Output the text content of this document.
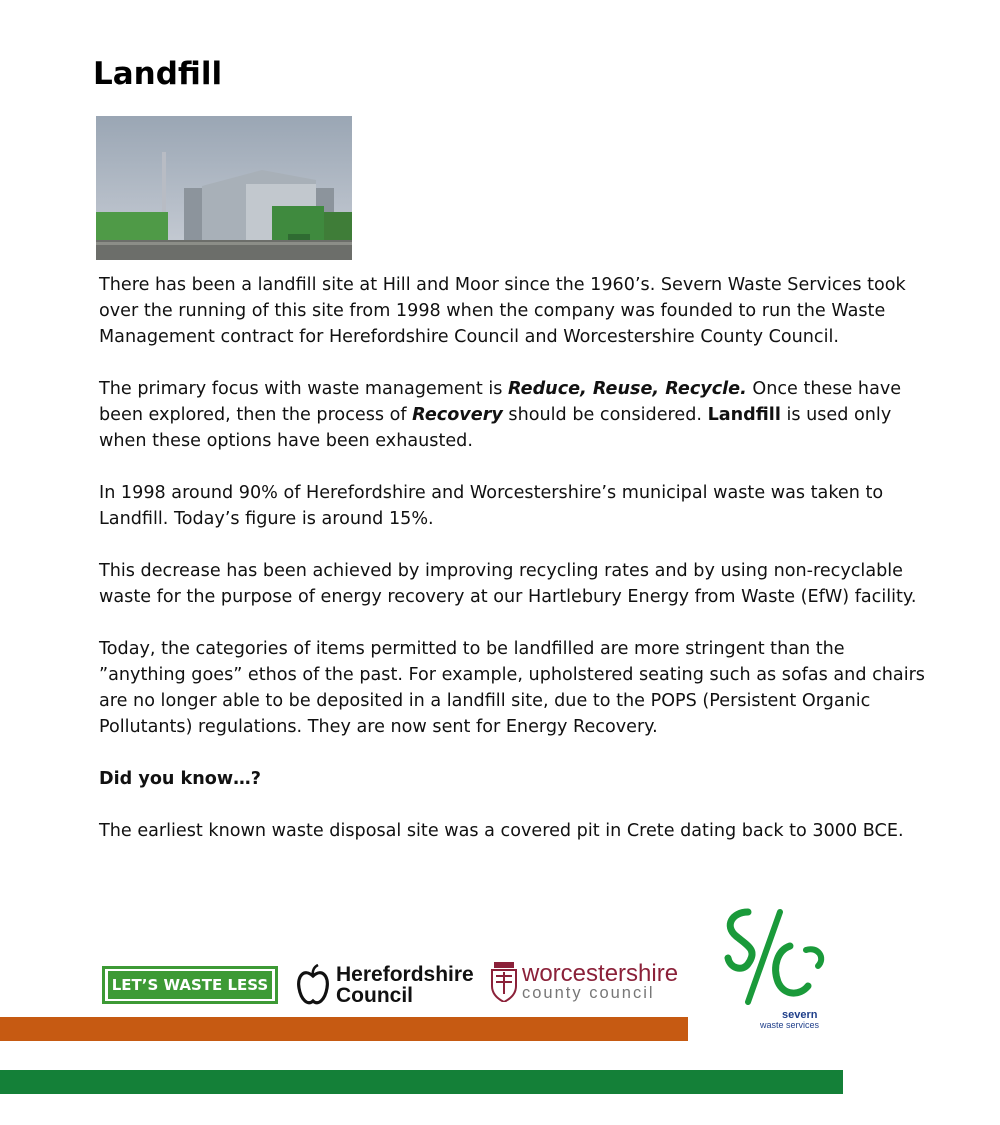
Landfill

There has been a landfill site at Hill and Moor since the 1960’s. Severn Waste Services took over the running of this site from 1998 when the company was founded to run the Waste Management contract for Herefordshire Council and Worcestershire County Council.

The primary focus with waste management is Reduce, Reuse, Recycle. Once these have been explored, then the process of Recovery should be considered. Landfill is used only when these options have been exhausted.

In 1998 around 90% of Herefordshire and Worcestershire’s municipal waste was taken to Landfill. Today’s figure is around 15%.

This decrease has been achieved by improving recycling rates and by using non-recyclable waste for the purpose of energy recovery at our Hartlebury Energy from Waste (EfW) facility.

Today, the categories of items permitted to be landfilled are more stringent than the ”anything goes” ethos of the past. For example, upholstered seating such as sofas and chairs are no longer able to be deposited in a landfill site, due to the POPS (Persistent Organic Pollutants) regulations. They are now sent for Energy Recovery.

Did you know…?

The earliest known waste disposal site was a covered pit in Crete dating back to 3000 BCE.

LET’S WASTE LESS	Herefordshire
Council
worcestershire
county council
severn
waste services
